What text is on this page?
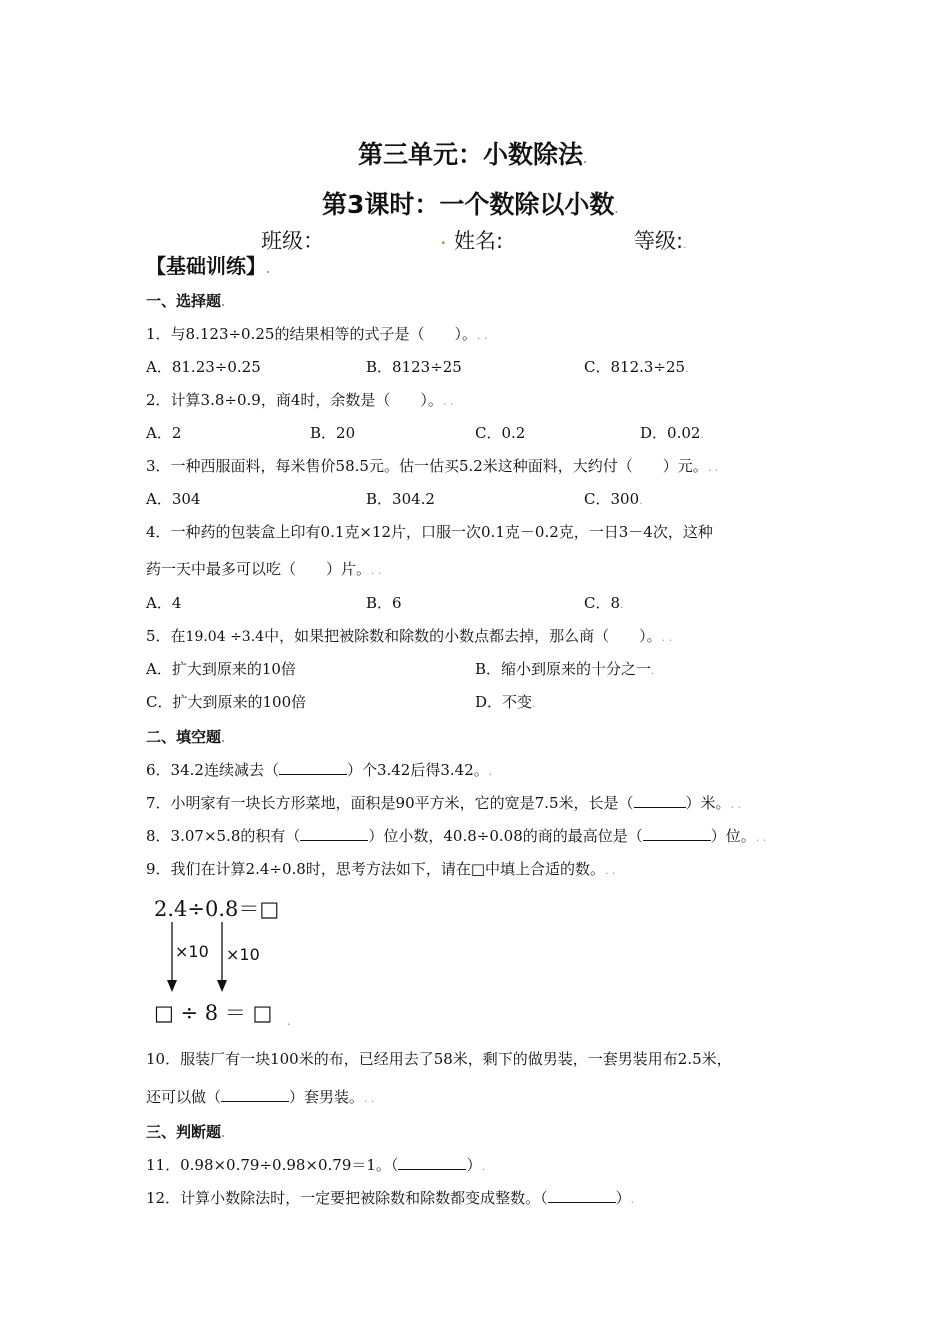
第三单元：小数除法.
第3课时：一个数除以小数.
班级：	. 姓名:	等级:.
【基础训练】.
一、选择题.
1．与8.123÷0.25的结果相等的式子是（　　）。. .
A．81.23÷0.25	B．8123÷25	C．812.3÷25.
2．计算3.8÷0.9，商4时，余数是（　　）。. .
A．2	B．20	C．0.2	D．0.02.
3．一种西服面料，每米售价58.5元。估一估买5.2米这种面料，大约付（　　）元。. .
A．304	B．304.2	C．300.
4．一种药的包装盒上印有0.1克×12片，口服一次0.1克－0.2克，一日3－4次，这种
药一天中最多可以吃（　　）片。. .
A．4	B．6	C．8.
5．在19.04 ÷3.4中，如果把被除数和除数的小数点都去掉，那么商（　　）。. .
A．扩大到原来的10倍	B．缩小到原来的十分之一.
C．扩大到原来的100倍	D．不变.
二、填空题.
6．34.2连续减去（	）个3.42后得3.42。.
7．小明家有一块长方形菜地，面积是90平方米，它的宽是7.5米，长是（	）米。. .
8．3.07×5.8的积有（	）位小数，40.8÷0.08的商的最高位是（	）位。. .
9．我们在计算2.4÷0.8时，思考方法如下，请在□中填上合适的数。. .
2.4÷0.8＝□
×10 ×10
□ ÷ 8 ＝ □ ˛
10．服装厂有一块100米的布，已经用去了58米，剩下的做男装，一套男装用布2.5米，
还可以做（	）套男装。. .
三、判断题.
11．0.98×0.79÷0.98×0.79＝1。（	）.
12．计算小数除法时，一定要把被除数和除数都变成整数。（	）.
